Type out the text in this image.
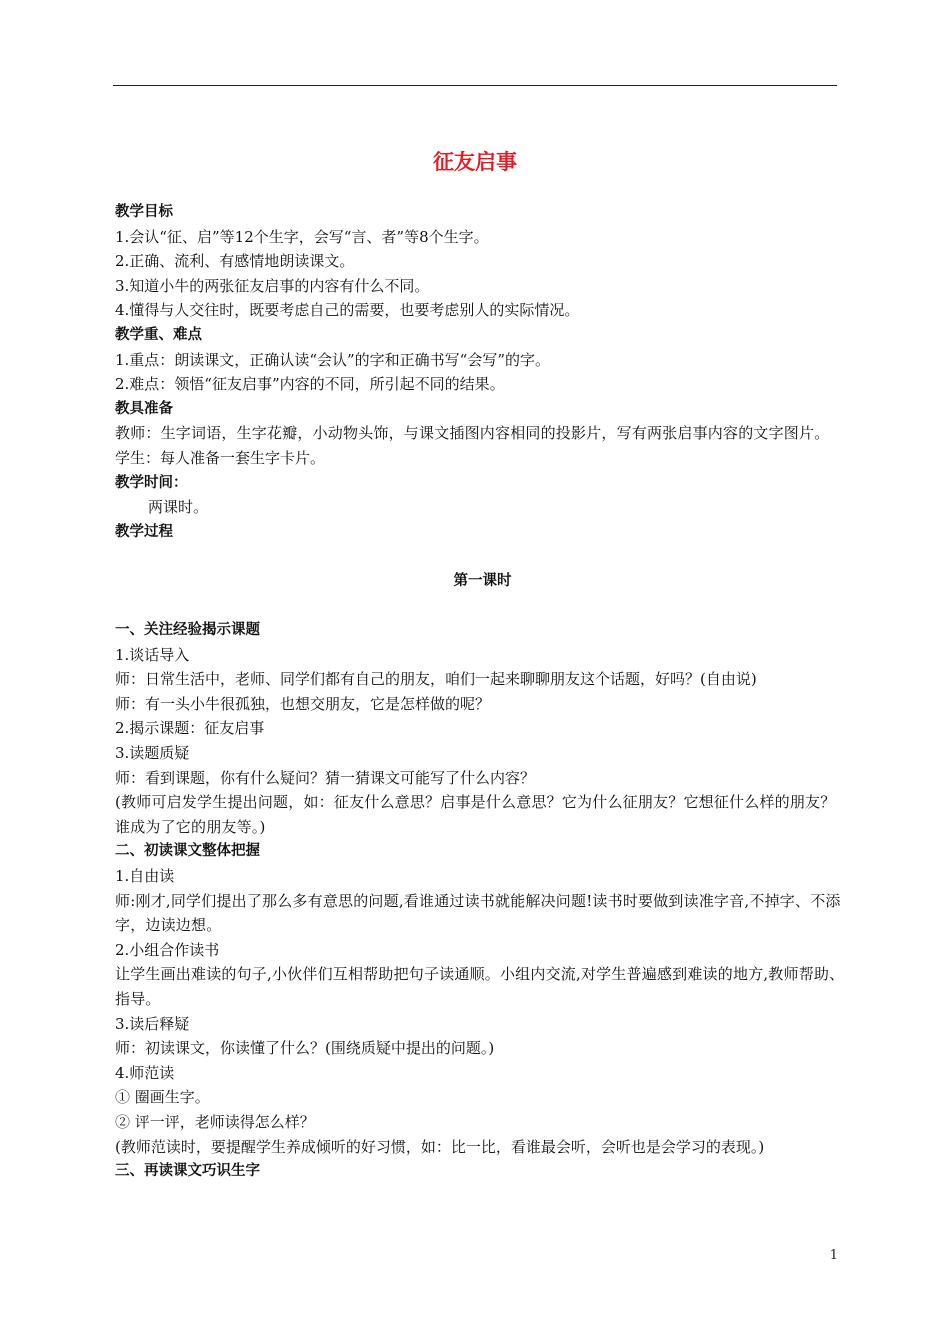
征友启事
教学目标
1.会认“征、启”等12个生字，会写“言、者”等8个生字。
2.正确、流利、有感情地朗读课文。
3.知道小牛的两张征友启事的内容有什么不同。
4.懂得与人交往时，既要考虑自己的需要，也要考虑别人的实际情况。
教学重、难点
1.重点：朗读课文，正确认读“会认”的字和正确书写“会写”的字。
2.难点：领悟“征友启事”内容的不同，所引起不同的结果。
教具准备
教师：生字词语，生字花瓣，小动物头饰，与课文插图内容相同的投影片，写有两张启事内容的文字图片。
学生：每人准备一套生字卡片。
教学时间：
两课时。
教学过程
第一课时
一、关注经验揭示课题
1.谈话导入
师：日常生活中，老师、同学们都有自己的朋友，咱们一起来聊聊朋友这个话题，好吗？(自由说)
师：有一头小牛很孤独，也想交朋友，它是怎样做的呢？
2.揭示课题：征友启事
3.读题质疑
师：看到课题，你有什么疑问？猜一猜课文可能写了什么内容？
(教师可启发学生提出问题，如：征友什么意思？启事是什么意思？它为什么征朋友？它想征什么样的朋友？谁成为了它的朋友等。)
二、初读课文整体把握
1.自由读
师:刚才,同学们提出了那么多有意思的问题,看谁通过读书就能解决问题!读书时要做到读准字音,不掉字、不添字，边读边想。
2.小组合作读书
让学生画出难读的句子,小伙伴们互相帮助把句子读通顺。小组内交流,对学生普遍感到难读的地方,教师帮助、指导。
3.读后释疑
师：初读课文，你读懂了什么？(围绕质疑中提出的问题。)
4.师范读
① 圈画生字。
② 评一评，老师读得怎么样？
(教师范读时，要提醒学生养成倾听的好习惯，如：比一比，看谁最会听，会听也是会学习的表现。)
三、再读课文巧识生字
1
